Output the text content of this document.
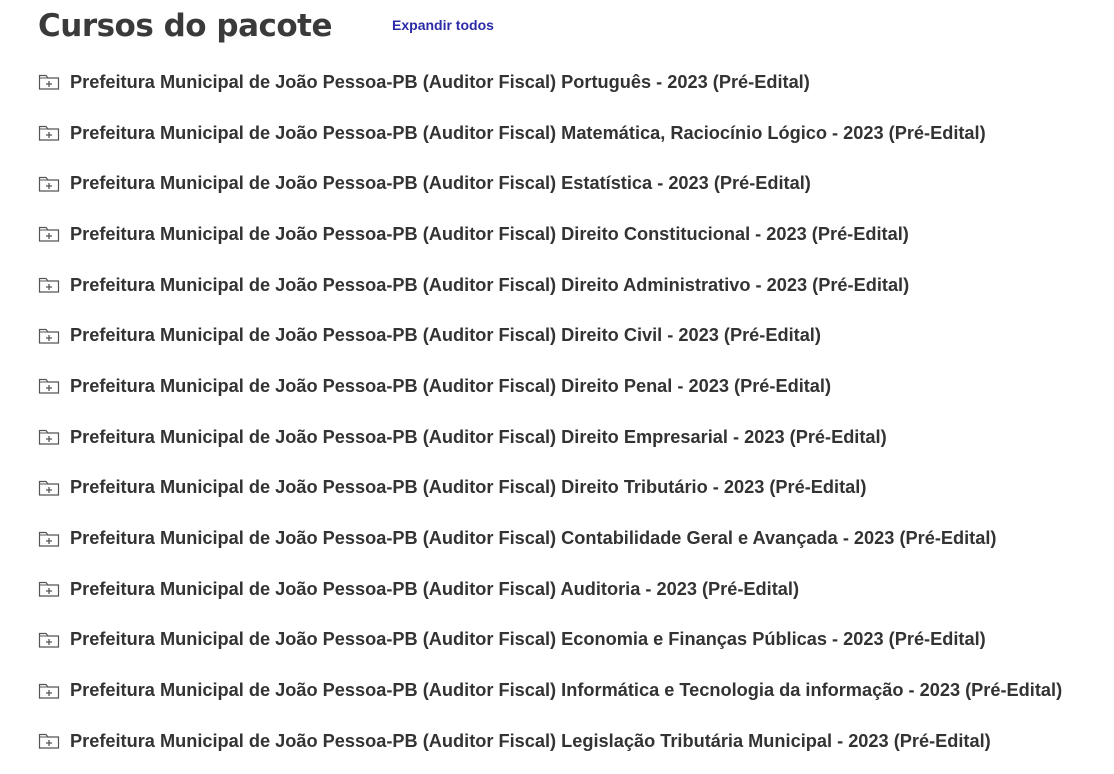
Cursos do pacote	Expandir todos
Prefeitura Municipal de João Pessoa-PB (Auditor Fiscal) Português - 2023 (Pré-Edital)
Prefeitura Municipal de João Pessoa-PB (Auditor Fiscal) Matemática, Raciocínio Lógico - 2023 (Pré-Edital)
Prefeitura Municipal de João Pessoa-PB (Auditor Fiscal) Estatística - 2023 (Pré-Edital)
Prefeitura Municipal de João Pessoa-PB (Auditor Fiscal) Direito Constitucional - 2023 (Pré-Edital)
Prefeitura Municipal de João Pessoa-PB (Auditor Fiscal) Direito Administrativo - 2023 (Pré-Edital)
Prefeitura Municipal de João Pessoa-PB (Auditor Fiscal) Direito Civil - 2023 (Pré-Edital)
Prefeitura Municipal de João Pessoa-PB (Auditor Fiscal) Direito Penal - 2023 (Pré-Edital)
Prefeitura Municipal de João Pessoa-PB (Auditor Fiscal) Direito Empresarial - 2023 (Pré-Edital)
Prefeitura Municipal de João Pessoa-PB (Auditor Fiscal) Direito Tributário - 2023 (Pré-Edital)
Prefeitura Municipal de João Pessoa-PB (Auditor Fiscal) Contabilidade Geral e Avançada - 2023 (Pré-Edital)
Prefeitura Municipal de João Pessoa-PB (Auditor Fiscal) Auditoria - 2023 (Pré-Edital)
Prefeitura Municipal de João Pessoa-PB (Auditor Fiscal) Economia e Finanças Públicas - 2023 (Pré-Edital)
Prefeitura Municipal de João Pessoa-PB (Auditor Fiscal) Informática e Tecnologia da informação - 2023 (Pré-Edital)
Prefeitura Municipal de João Pessoa-PB (Auditor Fiscal) Legislação Tributária Municipal - 2023 (Pré-Edital)
